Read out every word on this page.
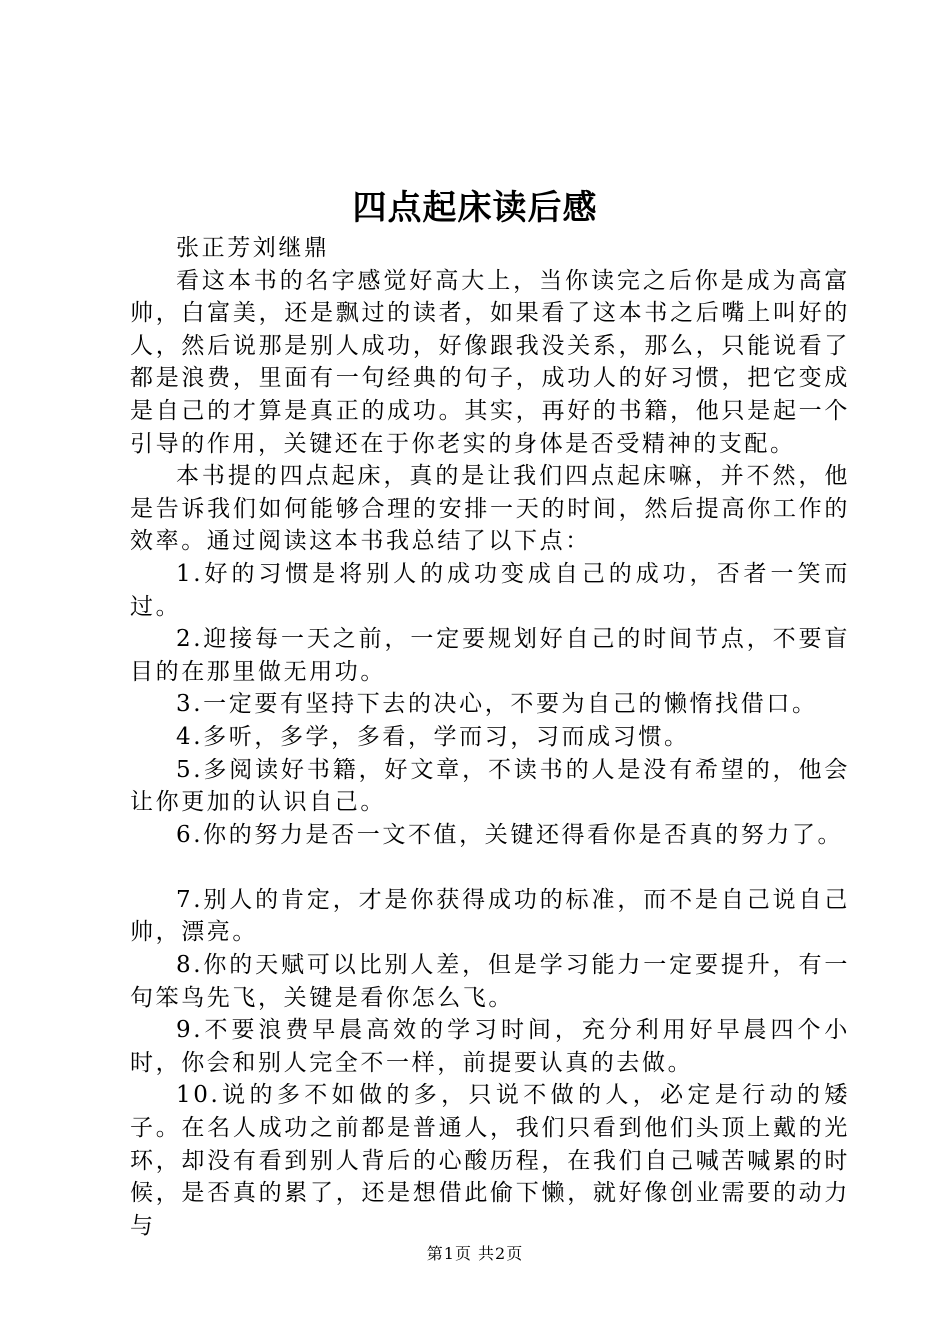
四点起床读后感

张正芳刘继鼎

看这本书的名字感觉好高大上，当你读完之后你是成为高富帅，白富美，还是飘过的读者，如果看了这本书之后嘴上叫好的人，然后说那是别人成功，好像跟我没关系，那么，只能说看了都是浪费，里面有一句经典的句子，成功人的好习惯，把它变成是自己的才算是真正的成功。其实，再好的书籍，他只是起一个引导的作用，关键还在于你老实的身体是否受精神的支配。

本书提的四点起床，真的是让我们四点起床嘛，并不然，他是告诉我们如何能够合理的安排一天的时间，然后提高你工作的效率。通过阅读这本书我总结了以下点：

1.好的习惯是将别人的成功变成自己的成功，否者一笑而过。

2.迎接每一天之前，一定要规划好自己的时间节点，不要盲目的在那里做无用功。

3.一定要有坚持下去的决心，不要为自己的懒惰找借口。

4.多听，多学，多看，学而习，习而成习惯。

5.多阅读好书籍，好文章，不读书的人是没有希望的，他会让你更加的认识自己。

6.你的努力是否一文不值，关键还得看你是否真的努力了。

7.别人的肯定，才是你获得成功的标准，而不是自己说自己帅，漂亮。

8.你的天赋可以比别人差，但是学习能力一定要提升，有一句笨鸟先飞，关键是看你怎么飞。

9.不要浪费早晨高效的学习时间，充分利用好早晨四个小时，你会和别人完全不一样，前提要认真的去做。

10.说的多不如做的多，只说不做的人，必定是行动的矮子。在名人成功之前都是普通人，我们只看到他们头顶上戴的光环，却没有看到别人背后的心酸历程，在我们自己喊苦喊累的时候，是否真的累了，还是想借此偷下懒，就好像创业需要的动力与

第1页 共2页
